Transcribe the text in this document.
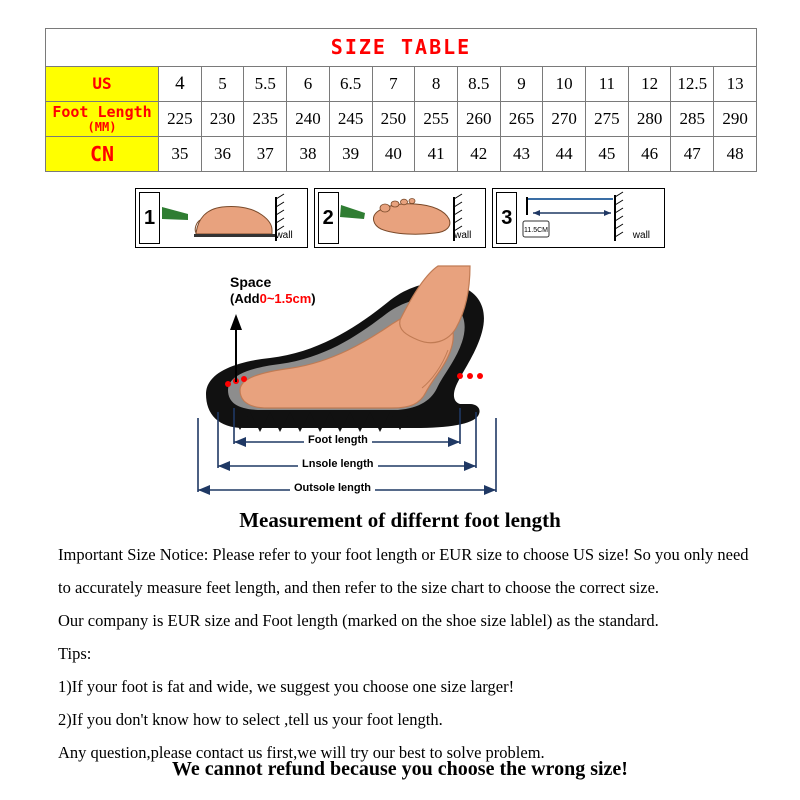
SIZE TABLE
US	4	5	5.5	6	6.5	7	8	8.5	9	10	11	12	12.5	13
Foot Length
(MM)	225	230	235	240	245	250	255	260	265	270	275	280	285	290
CN	35	36	37	38	39	40	41	42	43	44	45	46	47	48
1
wall
2
wall
3
11.5CM	wall
Space
(Add0~1.5cm)
Foot length
Lnsole length
Outsole length
Measurement of differnt foot length

Important Size Notice: Please refer to your foot length or EUR size to choose US size! So you only need to accurately measure feet length, and then refer to the size chart to choose the correct size.

Our company is EUR size and Foot length (marked on the shoe size lablel) as the standard.

Tips:

1)If your foot is fat and wide, we suggest you choose one size larger!

2)If you don't know how to select ,tell us your foot length.

Any question,please contact us first,we will try our best to solve problem.

We cannot refund because you choose the wrong size!
